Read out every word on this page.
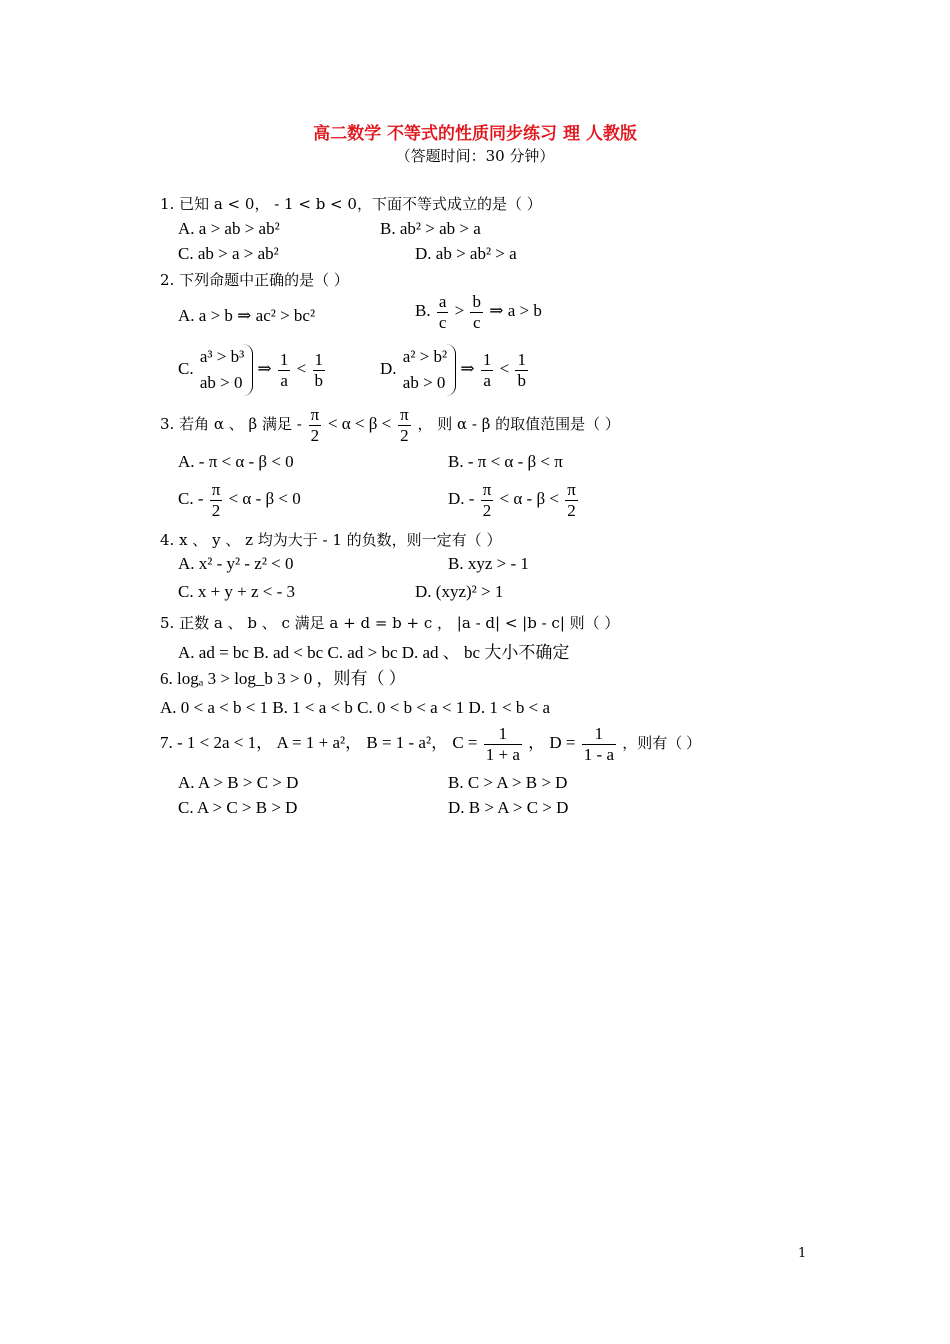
高二数学 不等式的性质同步练习 理 人教版
（答题时间：30 分钟）
1. 已知 a < 0， - 1 < b < 0，下面不等式成立的是（ ）
A. a > ab > ab²	B. ab² > ab > a
C. ab > a > ab²	D. ab > ab² > a
2. 下列命题中正确的是（ ）
A. a > b ⇒ ac² > bc²	B. $\frac{a}{c} > \frac{b}{c}$ ⇒ a > b
C.
a³ > b³
ab > 0
⇒ $\frac{1}{a} < \frac{1}{b}$	D.
a² > b²
ab > 0
⇒ $\frac{1}{a} < \frac{1}{b}$
3. 若角 α 、 β 满足 - $\frac{\pi}{2} < \alpha < \beta < \frac{\pi}{2}$ ， 则 α - β 的取值范围是（ ）
A. - π < α - β < 0	B. - π < α - β < π
C. - $\frac{\pi}{2} < \alpha - \beta < 0$	D. - $\frac{\pi}{2} < \alpha - \beta < \frac{\pi}{2}$
4. x 、 y 、 z 均为大于 - 1 的负数，则一定有（ ）
A. x² - y² - z² < 0	B. xyz > - 1
C. x + y + z < - 3	D. (xyz)² > 1
5. 正数 a 、 b 、 c 满足 a + d = b + c ， |a - d| < |b - c| 则（ ）
A. ad = bc B. ad < bc C. ad > bc D. ad 、 bc 大小不确定
6. logₐ 3 > log_b 3 > 0 ，则有（ ）
A. 0 < a < b < 1 B. 1 < a < b C. 0 < b < a < 1 D. 1 < b < a
7. - 1 < 2a < 1， A = 1 + a²， B = 1 - a²， $C = \frac{1}{1 + a}$ ， $D = \frac{1}{1 - a}$ ，则有（ ）
A. A > B > C > D	B. C > A > B > D
C. A > C > B > D	D. B > A > C > D
1
